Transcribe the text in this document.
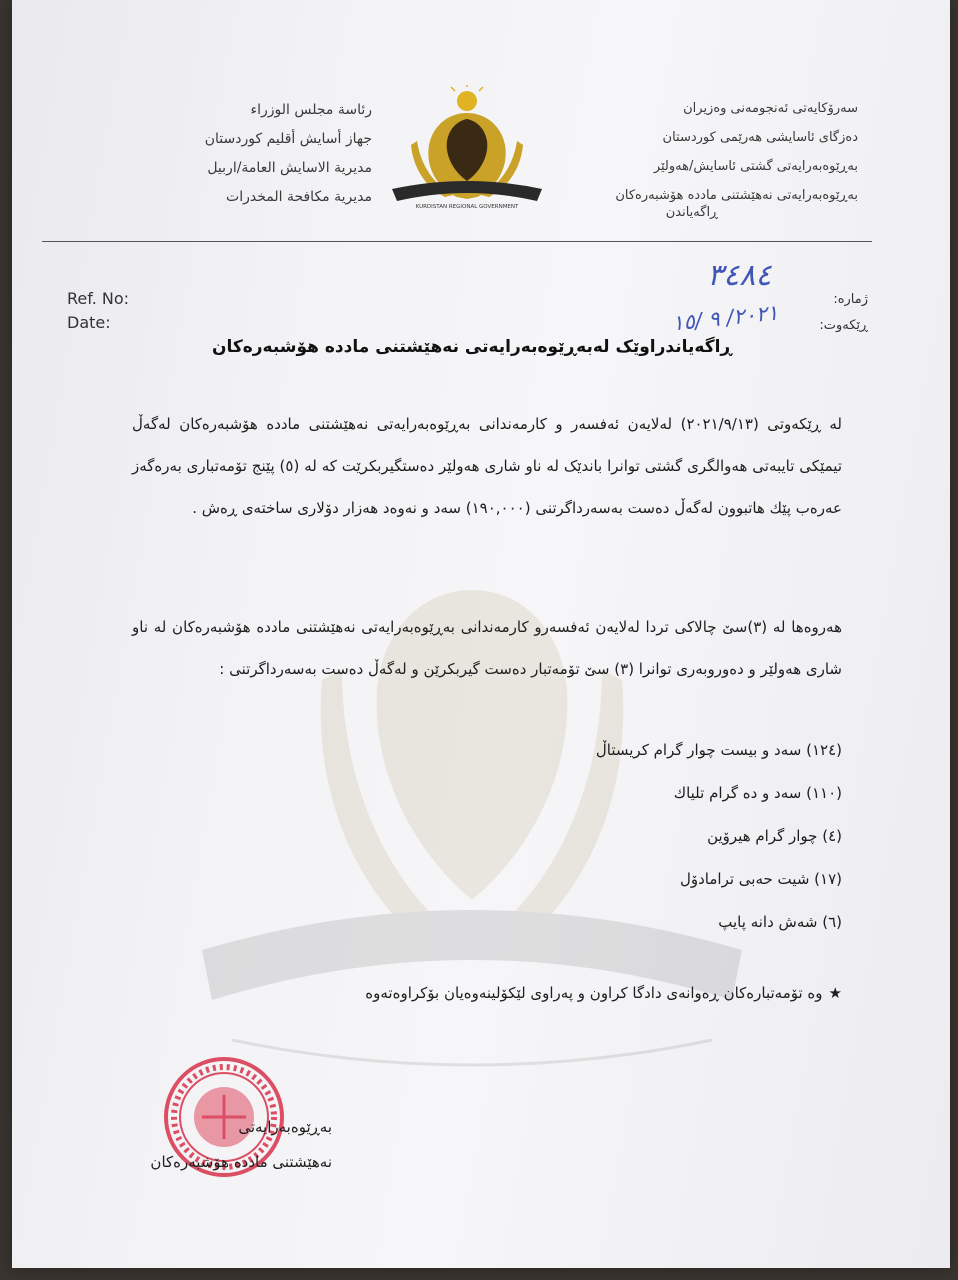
رئاسة مجلس الوزراء
جهاز أسايش أقليم كوردستان
مديرية الاسايش العامة/اربيل
مديرية مكافحة المخدرات
KURDISTAN REGIONAL GOVERNMENT
سەرۆکایەتی ئەنجومەنی وەزیران
دەزگای ئاسایشی هەرێمی کوردستان
بەڕێوەبەرایەتی گشتی ئاسایش/هەولێر
بەڕێوەبەرایەتی نەهێشتنی مادده هۆشبەرەکان
ڕاگەیاندن
Ref. No:
Date:
ژمارە:
ڕێکەوت:
٣٤٨٤
١٥/ ٩ /٢٠٢١
ڕاگەیاندراوێک لەبەڕێوەبەرایەتی نەهێشتنی مادده هۆشبەرەکان
لە ڕێکەوتی (٢٠٢١/٩/١٣) لەلایەن ئەفسەر و کارمەندانی بەڕێوەبەرایەتی نەهێشتنی مادده هۆشبەرەکان لەگەڵ تیمێکی تایبەتی هەوالگری گشتی توانرا باندێک لە ناو شاری هەولێر دەستگیربکرێت کە لە (٥) پێنج تۆمەتباری بەرەگەز عەرەب پێك هاتبوون لەگەڵ دەست بەسەرداگرتنی (١٩٠,٠٠٠) سەد و نەوەد هەزار دۆلاری ساختەی ڕەش .
هەروەها لە (٣)سێ چالاکی تردا لەلایەن ئەفسەرو کارمەندانی بەڕێوەبەرایەتی نەهێشتنی مادده هۆشبەرەکان لە ناو شاری هەولێر و دەوروبەری توانرا (٣) سێ تۆمەتبار دەست گیربکرێن و لەگەڵ دەست بەسەرداگرتنی :
(١٢٤) سەد و بیست چوار گرام کریستاڵ
(١١٠) سەد و دە گرام تلیاك
(٤) چوار گرام هیرۆین
(١٧) شیت حەبی ترامادۆل
(٦) شەش دانە پایپ
★وە تۆمەتبارەکان ڕەوانەی دادگا کراون و پەراوی لێکۆلینەوەیان بۆکراوەتەوە
بەڕێوەبەرایەتی
نەهێشتنی مادده هۆشبەرەکان
